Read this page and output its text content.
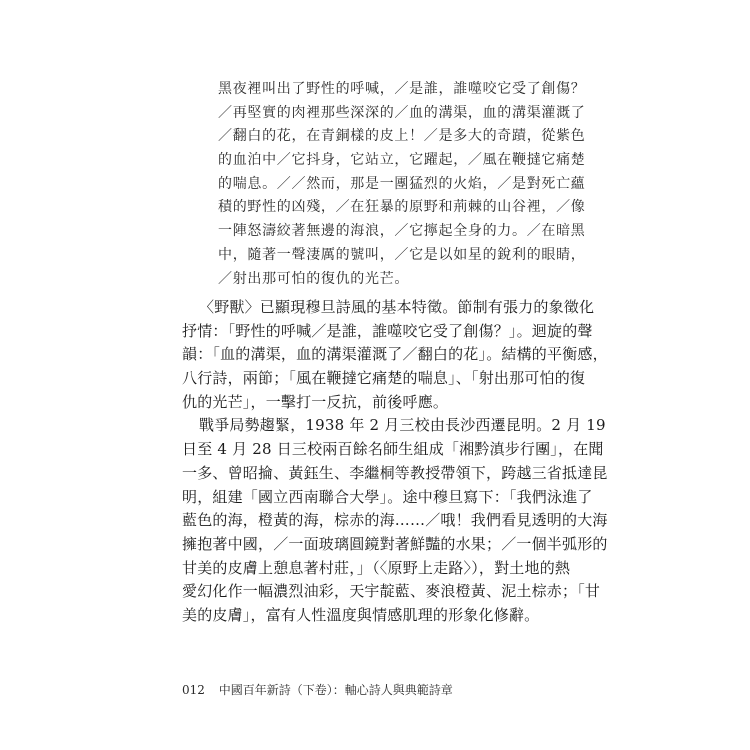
黑夜裡叫出了野性的呼喊，／是誰，誰噬咬它受了創傷？
／再堅實的肉裡那些深深的／血的溝渠，血的溝渠灌溉了
／翻白的花，在青銅樣的皮上！／是多大的奇蹟，從紫色
的血泊中／它抖身，它站立，它躍起，／風在鞭撻它痛楚
的喘息。／／然而，那是一團猛烈的火焰，／是對死亡蘊
積的野性的凶殘，／在狂暴的原野和荊棘的山谷裡，／像
一陣怒濤絞著無邊的海浪，／它擰起全身的力。／在暗黑
中，隨著一聲淒厲的號叫，／它是以如星的銳利的眼睛，
／射出那可怕的復仇的光芒。
〈野獸〉已顯現穆旦詩風的基本特徵。節制有張力的象徵化
抒情：「野性的呼喊／是誰，誰噬咬它受了創傷？」。迴旋的聲
韻：「血的溝渠，血的溝渠灌溉了／翻白的花」。結構的平衡感，
八行詩，兩節；「風在鞭撻它痛楚的喘息」、「射出那可怕的復
仇的光芒」，一擊打一反抗，前後呼應。
戰爭局勢趨緊，1938 年 2 月三校由長沙西遷昆明。2 月 19
日至 4 月 28 日三校兩百餘名師生組成「湘黔滇步行團」，在聞
一多、曾昭掄、黃鈺生、李繼桐等教授帶領下，跨越三省抵達昆
明，組建「國立西南聯合大學」。途中穆旦寫下：「我們泳進了
藍色的海，橙黃的海，棕赤的海……／哦！我們看見透明的大海
擁抱著中國，／一面玻璃圓鏡對著鮮豔的水果；／一個半弧形的
甘美的皮膚上憩息著村莊，」（〈原野上走路〉），對土地的熱
愛幻化作一幅濃烈油彩，天宇靛藍、麥浪橙黃、泥土棕赤；「甘
美的皮膚」，富有人性溫度與情感肌理的形象化修辭。
012 中國百年新詩（下卷）：軸心詩人與典範詩章
